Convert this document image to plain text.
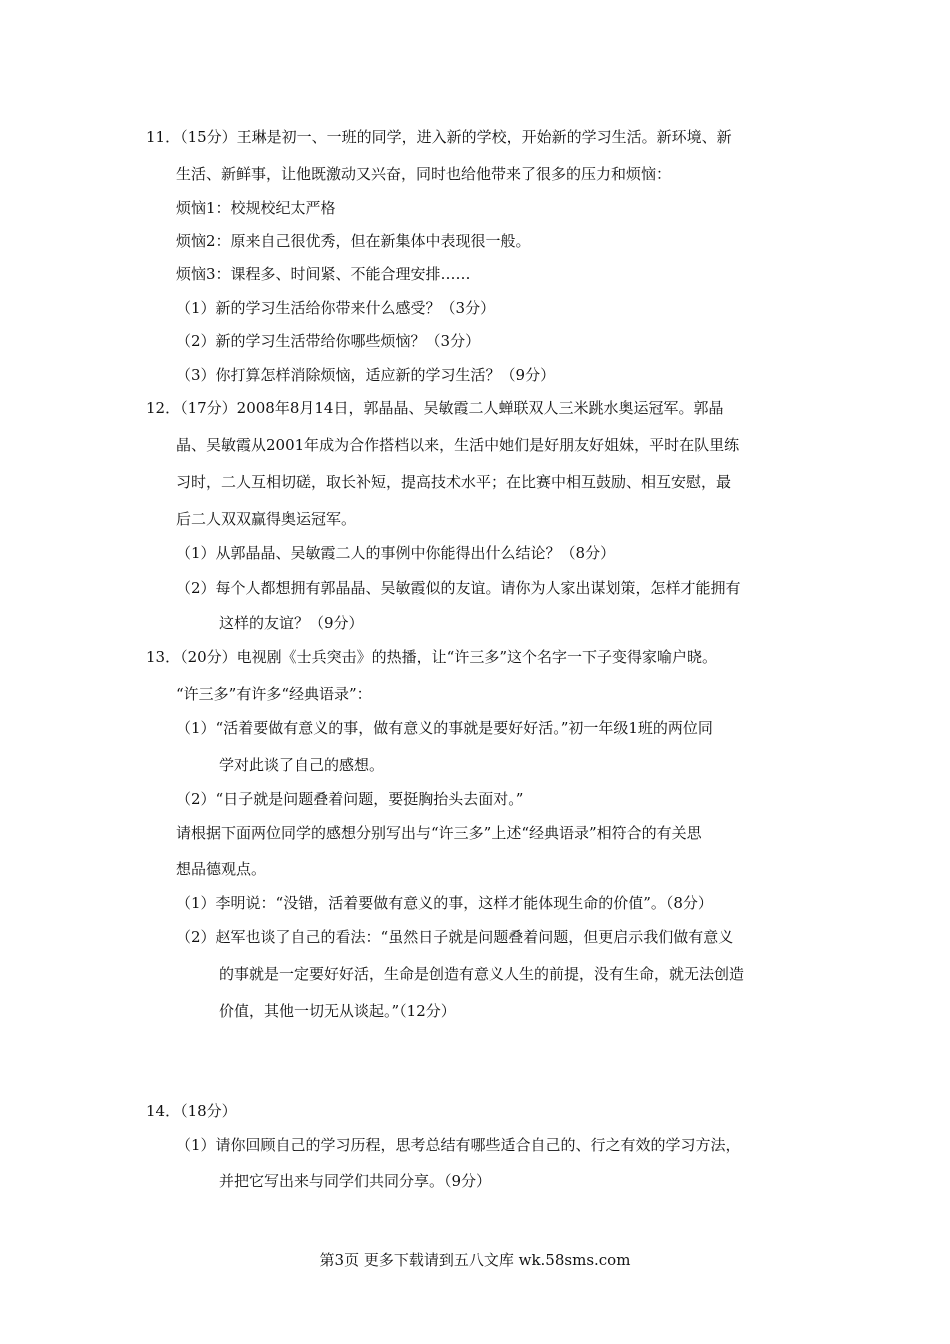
11．（15分）王琳是初一、一班的同学，进入新的学校，开始新的学习生活。新环境、新
生活、新鲜事，让他既激动又兴奋，同时也给他带来了很多的压力和烦恼：
烦恼1：校规校纪太严格
烦恼2：原来自己很优秀，但在新集体中表现很一般。
烦恼3：课程多、时间紧、不能合理安排……
（1）新的学习生活给你带来什么感受？（3分）
（2）新的学习生活带给你哪些烦恼？（3分）
（3）你打算怎样消除烦恼，适应新的学习生活？（9分）
12．（17分）2008年8月14日，郭晶晶、吴敏霞二人蝉联双人三米跳水奥运冠军。郭晶
晶、吴敏霞从2001年成为合作搭档以来，生活中她们是好朋友好姐妹，平时在队里练
习时，二人互相切磋，取长补短，提高技术水平；在比赛中相互鼓励、相互安慰，最
后二人双双赢得奥运冠军。
（1）从郭晶晶、吴敏霞二人的事例中你能得出什么结论？（8分）
（2）每个人都想拥有郭晶晶、吴敏霞似的友谊。请你为人家出谋划策，怎样才能拥有
这样的友谊？（9分）
13．（20分）电视剧《士兵突击》的热播，让“许三多”这个名字一下子变得家喻户晓。
“许三多”有许多“经典语录”：
（1）“活着要做有意义的事，做有意义的事就是要好好活。”初一年级1班的两位同
学对此谈了自己的感想。
（2）“日子就是问题叠着问题，要挺胸抬头去面对。”
请根据下面两位同学的感想分别写出与“许三多”上述“经典语录”相符合的有关思
想品德观点。
（1）李明说：“没错，活着要做有意义的事，这样才能体现生命的价值”。（8分）
（2）赵军也谈了自己的看法：“虽然日子就是问题叠着问题，但更启示我们做有意义
的事就是一定要好好活，生命是创造有意义人生的前提，没有生命，就无法创造
价值，其他一切无从谈起。”（12分）
14．（18分）
（1）请你回顾自己的学习历程，思考总结有哪些适合自己的、行之有效的学习方法，
并把它写出来与同学们共同分享。（9分）
第3页 更多下载请到五八文库 wk.58sms.com
